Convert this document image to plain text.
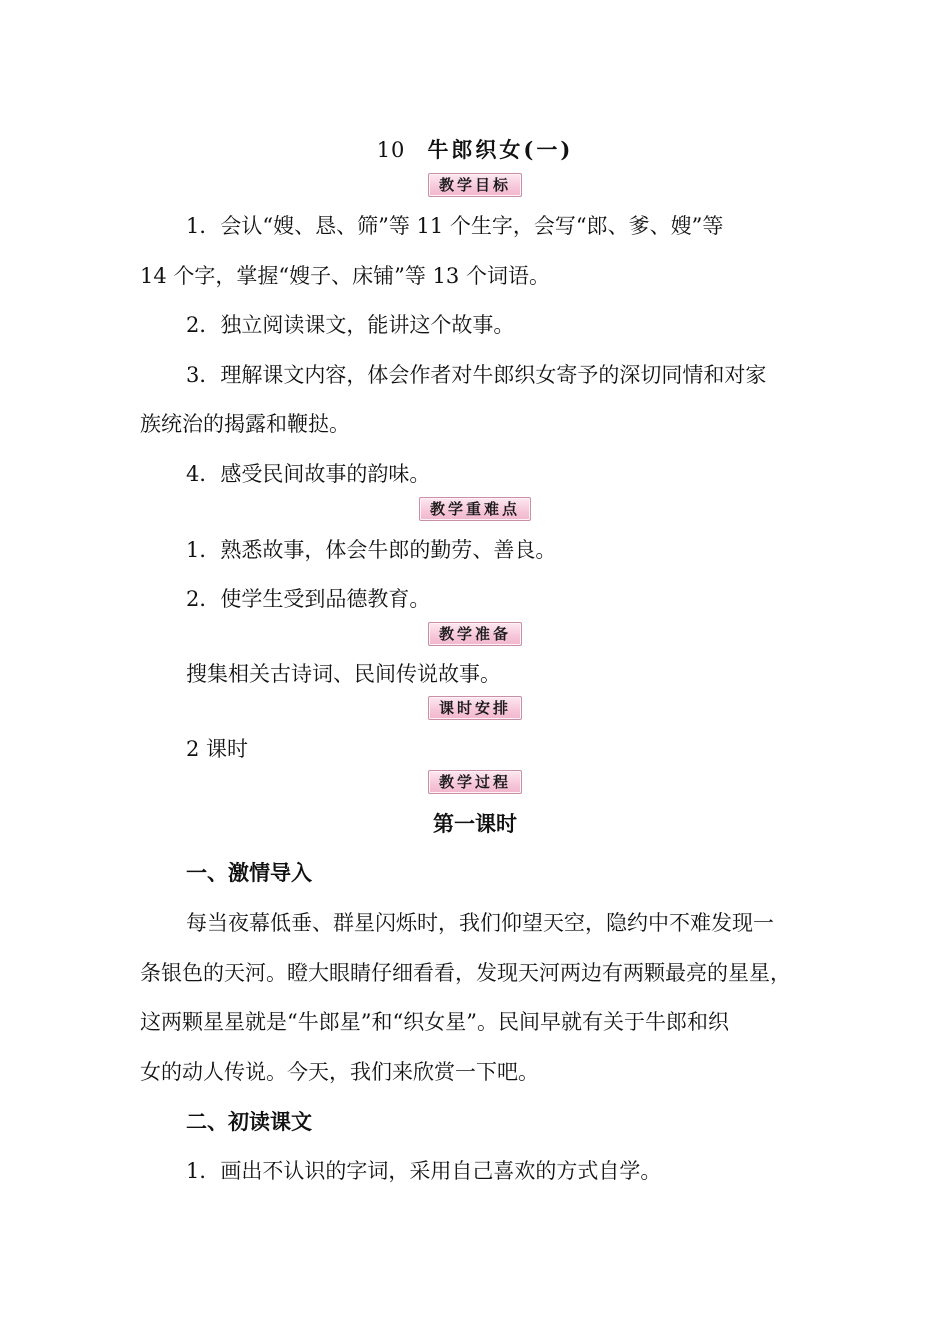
10 牛郎织女(一)
教学目标
1．会认“嫂、恳、筛”等 11 个生字，会写“郎、爹、嫂”等
14 个字，掌握“嫂子、床铺”等 13 个词语。
2．独立阅读课文，能讲这个故事。
3．理解课文内容，体会作者对牛郎织女寄予的深切同情和对家
族统治的揭露和鞭挞。
4．感受民间故事的韵味。
教学重难点
1．熟悉故事，体会牛郎的勤劳、善良。
2．使学生受到品德教育。
教学准备
搜集相关古诗词、民间传说故事。
课时安排
2 课时
教学过程
第一课时
一、激情导入
每当夜幕低垂、群星闪烁时，我们仰望天空，隐约中不难发现一
条银色的天河。瞪大眼睛仔细看看，发现天河两边有两颗最亮的星星，
这两颗星星就是“牛郎星”和“织女星”。民间早就有关于牛郎和织
女的动人传说。今天，我们来欣赏一下吧。
二、初读课文
1．画出不认识的字词，采用自己喜欢的方式自学。
